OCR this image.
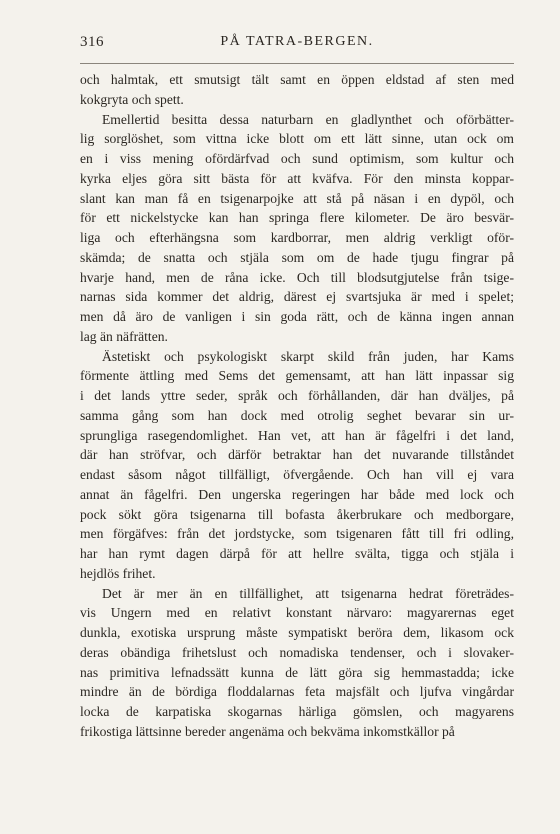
316	PÅ TATRA-BERGEN.
och halmtak, ett smutsigt tält samt en öppen eldstad af sten med
kokgryta och spett.
Emellertid besitta dessa naturbarn en gladlynthet och oförbätter-
lig sorglöshet, som vittna icke blott om ett lätt sinne, utan ock om
en i viss mening ofördärfvad och sund optimism, som kultur och
kyrka eljes göra sitt bästa för att kväfva. För den minsta koppar-
slant kan man få en tsigenarpojke att stå på näsan i en dypöl, och
för ett nickelstycke kan han springa flere kilometer. De äro besvär-
liga och efterhängsna som kardborrar, men aldrig verkligt oför-
skämda; de snatta och stjäla som om de hade tjugu fingrar på
hvarje hand, men de råna icke. Och till blodsutgjutelse från tsige-
narnas sida kommer det aldrig, därest ej svartsjuka är med i spelet;
men då äro de vanligen i sin goda rätt, och de känna ingen annan
lag än näfrätten.
Ästetiskt och psykologiskt skarpt skild från juden, har Kams
förmente ättling med Sems det gemensamt, att han lätt inpassar sig
i det lands yttre seder, språk och förhållanden, där han dväljes, på
samma gång som han dock med otrolig seghet bevarar sin ur-
sprungliga rasegendomlighet. Han vet, att han är fågelfri i det land,
där han ströfvar, och därför betraktar han det nuvarande tillståndet
endast såsom något tillfälligt, öfvergående. Och han vill ej vara
annat än fågelfri. Den ungerska regeringen har både med lock och
pock sökt göra tsigenarna till bofasta åkerbrukare och medborgare,
men förgäfves: från det jordstycke, som tsigenaren fått till fri odling,
har han rymt dagen därpå för att hellre svälta, tigga och stjäla i
hejdlös frihet.
Det är mer än en tillfällighet, att tsigenarna hedrat företrädes-
vis Ungern med en relativt konstant närvaro: magyarernas eget
dunkla, exotiska ursprung måste sympatiskt beröra dem, likasom ock
deras obändiga frihetslust och nomadiska tendenser, och i slovaker-
nas primitiva lefnadssätt kunna de lätt göra sig hemmastadda; icke
mindre än de bördiga floddalarnas feta majsfält och ljufva vingårdar
locka de karpatiska skogarnas härliga gömslen, och magyarens
frikostiga lättsinne bereder angenäma och bekväma inkomstkällor på
